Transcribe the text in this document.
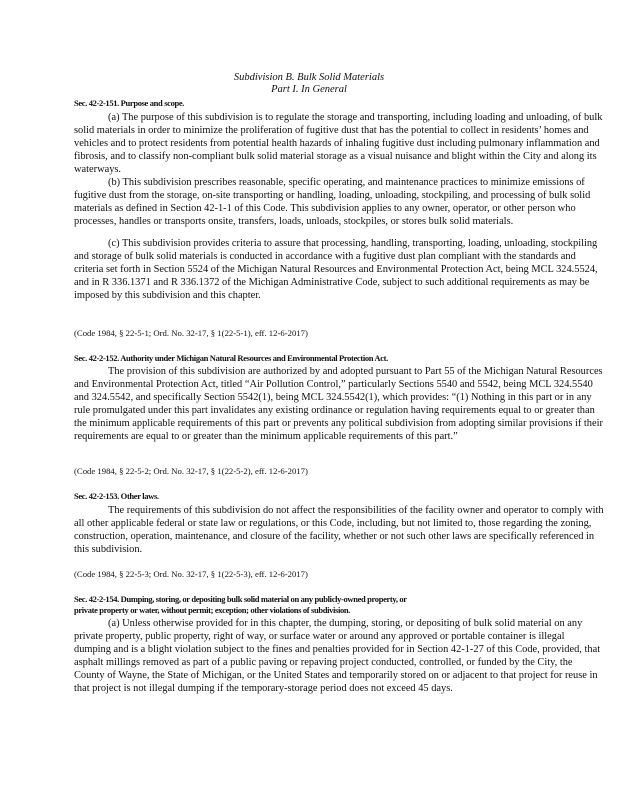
Subdivision B. Bulk Solid Materials
Part I. In General
Sec. 42-2-151. Purpose and scope.

(a) The purpose of this subdivision is to regulate the storage and transporting, including loading and unloading, of bulk solid materials in order to minimize the proliferation of fugitive dust that has the potential to collect in residents’ homes and vehicles and to protect residents from potential health hazards of inhaling fugitive dust including pulmonary inflammation and fibrosis, and to classify non-compliant bulk solid material storage as a visual nuisance and blight within the City and along its waterways.

(b) This subdivision prescribes reasonable, specific operating, and maintenance practices to minimize emissions of fugitive dust from the storage, on-site transporting or handling, loading, unloading, stockpiling, and processing of bulk solid materials as defined in Section 42-1-1 of this Code. This subdivision applies to any owner, operator, or other person who processes, handles or transports onsite, transfers, loads, unloads, stockpiles, or stores bulk solid materials.

(c) This subdivision provides criteria to assure that processing, handling, transporting, loading, unloading, stockpiling and storage of bulk solid materials is conducted in accordance with a fugitive dust plan compliant with the standards and criteria set forth in Section 5524 of the Michigan Natural Resources and Environmental Protection Act, being MCL 324.5524, and in R 336.1371 and R 336.1372 of the Michigan Administrative Code, subject to such additional requirements as may be imposed by this subdivision and this chapter.

(Code 1984, § 22-5-1; Ord. No. 32-17, § 1(22-5-1), eff. 12-6-2017)
Sec. 42-2-152. Authority under Michigan Natural Resources and Environmental Protection Act.

The provision of this subdivision are authorized by and adopted pursuant to Part 55 of the Michigan Natural Resources and Environmental Protection Act, titled “Air Pollution Control,” particularly Sections 5540 and 5542, being MCL 324.5540 and 324.5542, and specifically Section 5542(1), being MCL 324.5542(1), which provides: “(1) Nothing in this part or in any rule promulgated under this part invalidates any existing ordinance or regulation having requirements equal to or greater than the minimum applicable requirements of this part or prevents any political subdivision from adopting similar provisions if their requirements are equal to or greater than the minimum applicable requirements of this part.”

(Code 1984, § 22-5-2; Ord. No. 32-17, § 1(22-5-2), eff. 12-6-2017)
Sec. 42-2-153. Other laws.

The requirements of this subdivision do not affect the responsibilities of the facility owner and operator to comply with all other applicable federal or state law or regulations, or this Code, including, but not limited to, those regarding the zoning, construction, operation, maintenance, and closure of the facility, whether or not such other laws are specifically referenced in this subdivision.

(Code 1984, § 22-5-3; Ord. No. 32-17, § 1(22-5-3), eff. 12-6-2017)
Sec. 42-2-154. Dumping, storing, or depositing bulk solid material on any publicly-owned property, or
private property or water, without permit; exception; other violations of subdivision.

(a) Unless otherwise provided for in this chapter, the dumping, storing, or depositing of bulk solid material on any private property, public property, right of way, or surface water or around any approved or portable container is illegal dumping and is a blight violation subject to the fines and penalties provided for in Section 42-1-27 of this Code, provided, that asphalt millings removed as part of a public paving or repaving project conducted, controlled, or funded by the City, the County of Wayne, the State of Michigan, or the United States and temporarily stored on or adjacent to that project for reuse in that project is not illegal dumping if the temporary-storage period does not exceed 45 days.
